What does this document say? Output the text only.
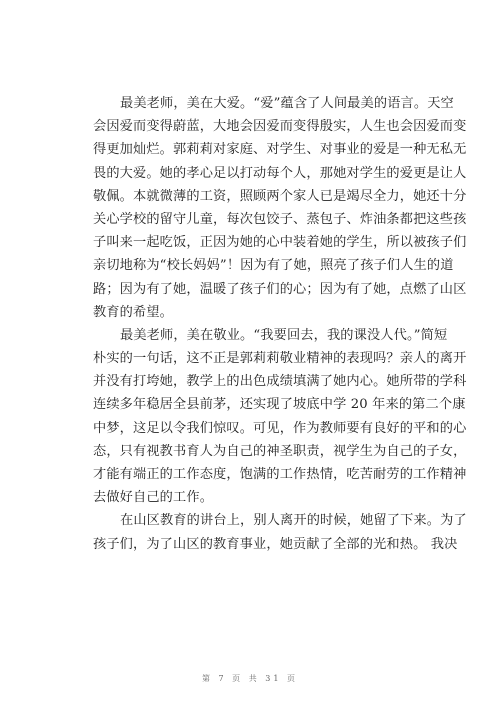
最美老师，美在大爱。“爱”蕴含了人间最美的语言。天空
会因爱而变得蔚蓝，大地会因爱而变得殷实，人生也会因爱而变
得更加灿烂。郭莉莉对家庭、对学生、对事业的爱是一种无私无
畏的大爱。她的孝心足以打动每个人，那她对学生的爱更是让人
敬佩。本就微薄的工资，照顾两个家人已是竭尽全力，她还十分
关心学校的留守儿童，每次包饺子、蒸包子、炸油条都把这些孩
子叫来一起吃饭，正因为她的心中装着她的学生，所以被孩子们
亲切地称为“校长妈妈”！因为有了她，照亮了孩子们人生的道
路；因为有了她，温暖了孩子们的心；因为有了她，点燃了山区
教育的希望。
最美老师，美在敬业。“我要回去，我的课没人代。”简短
朴实的一句话，这不正是郭莉莉敬业精神的表现吗？亲人的离开
并没有打垮她，教学上的出色成绩填满了她内心。她所带的学科
连续多年稳居全县前茅，还实现了坡底中学 20 年来的第二个康
中梦，这足以令我们惊叹。可见，作为教师要有良好的平和的心
态，只有视教书育人为自己的神圣职责，视学生为自己的子女，
才能有端正的工作态度，饱满的工作热情，吃苦耐劳的工作精神
去做好自己的工作。
在山区教育的讲台上，别人离开的时候，她留了下来。为了
孩子们，为了山区的教育事业，她贡献了全部的光和热。 我决
第 7 页 共 31 页
